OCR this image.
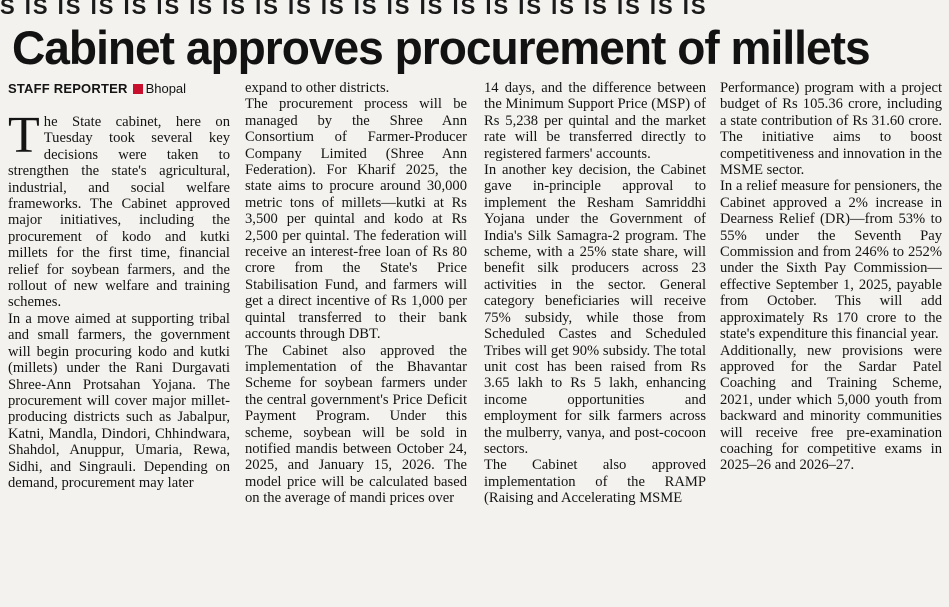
S IS IS IS IS IS IS IS IS IS IS IS IS IS IS IS IS IS IS IS IS IS
Cabinet approves procurement of millets
STAFF REPORTER Bhopal

The State cabinet, here on Tuesday took several key decisions were taken to strengthen the state's agricultural, industrial, and social welfare frameworks. The Cabinet approved major initiatives, including the procurement of kodo and kutki millets for the first time, financial relief for soybean farmers, and the rollout of new welfare and training schemes.

In a move aimed at supporting tribal and small farmers, the government will begin procuring kodo and kutki (millets) under the Rani Durgavati Shree-Ann Protsahan Yojana. The procurement will cover major millet-producing districts such as Jabalpur, Katni, Mandla, Dindori, Chhindwara, Shahdol, Anuppur, Umaria, Rewa, Sidhi, and Singrauli. Depending on demand, procurement may later

expand to other districts.

The procurement process will be managed by the Shree Ann Consortium of Farmer-Producer Company Limited (Shree Ann Federation). For Kharif 2025, the state aims to procure around 30,000 metric tons of millets—kutki at Rs 3,500 per quintal and kodo at Rs 2,500 per quintal. The federation will receive an interest-free loan of Rs 80 crore from the State's Price Stabilisation Fund, and farmers will get a direct incentive of Rs 1,000 per quintal transferred to their bank accounts through DBT.

The Cabinet also approved the implementation of the Bhavantar Scheme for soybean farmers under the central government's Price Deficit Payment Program. Under this scheme, soybean will be sold in notified mandis between October 24, 2025, and January 15, 2026. The model price will be calculated based on the average of mandi prices over

14 days, and the difference between the Minimum Support Price (MSP) of Rs 5,238 per quintal and the market rate will be transferred directly to registered farmers' accounts.

In another key decision, the Cabinet gave in-principle approval to implement the Resham Samriddhi Yojana under the Government of India's Silk Samagra-2 program. The scheme, with a 25% state share, will benefit silk producers across 23 activities in the sector. General category beneficiaries will receive 75% subsidy, while those from Scheduled Castes and Scheduled Tribes will get 90% subsidy. The total unit cost has been raised from Rs 3.65 lakh to Rs 5 lakh, enhancing income opportunities and employment for silk farmers across the mulberry, vanya, and post-cocoon sectors.

The Cabinet also approved implementation of the RAMP (Raising and Accelerating MSME

Performance) program with a project budget of Rs 105.36 crore, including a state contribution of Rs 31.60 crore. The initiative aims to boost competitiveness and innovation in the MSME sector.

In a relief measure for pensioners, the Cabinet approved a 2% increase in Dearness Relief (DR)—from 53% to 55% under the Seventh Pay Commission and from 246% to 252% under the Sixth Pay Commission—effective September 1, 2025, payable from October. This will add approximately Rs 170 crore to the state's expenditure this financial year.

Additionally, new provisions were approved for the Sardar Patel Coaching and Training Scheme, 2021, under which 5,000 youth from backward and minority communities will receive free pre-examination coaching for competitive exams in 2025–26 and 2026–27.
